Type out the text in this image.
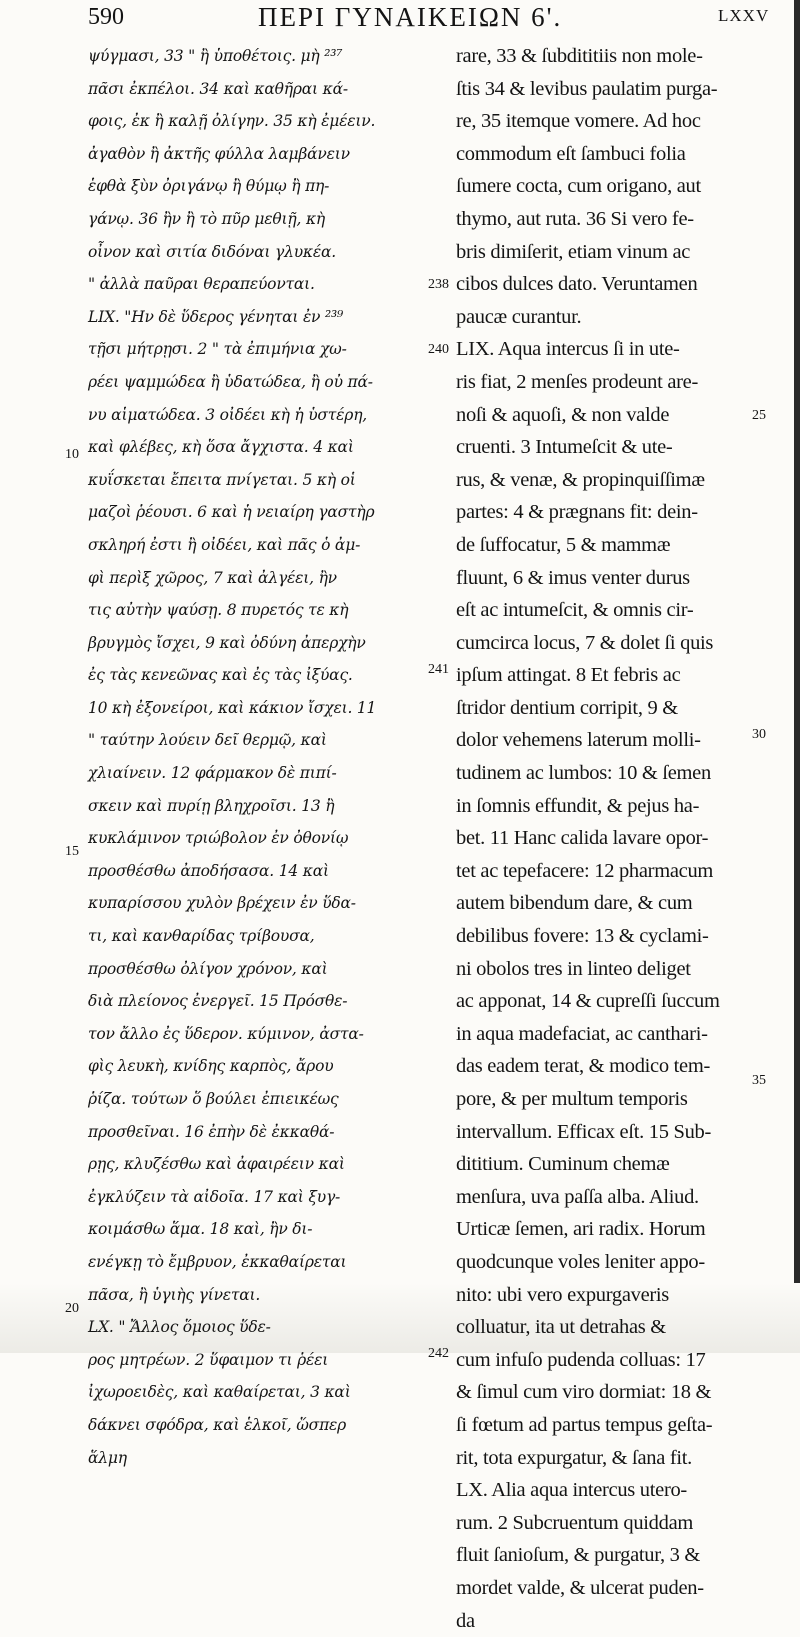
590	ΠΕΡΙ ΓΥΝΑΙΚΕΙΩΝ 6'.	LXXV
ψύγμασι, 33 " ἢ ὑποθέτοις. μὴ ²³⁷
πᾶσι ἐκπέλοι. 34 καὶ καθῆραι κά-
φοις, ἐκ ἢ καλῇ ὀλίγην. 35 κὴ ἐμέειν.
ἀγαθὸν ἢ ἀκτῆς φύλλα λαμβάνειν
ἑφθὰ ξὺν ὀριγάνῳ ἢ θύμῳ ἢ πη-
γάνῳ. 36 ἢν ἢ τὸ πῦρ μεθιῇ, κὴ
οἶνον καὶ σιτία διδόναι γλυκέα.
" ἀλλὰ παῦραι θεραπεύονται.
LIX. "Ην δὲ ὕδερος γένηται ἐν ²³⁹
τῇσι μήτρῃσι. 2 " τὰ ἐπιμήνια χω-
ρέει ψαμμώδεα ἢ ὑδατώδεα, ἢ οὐ πά-
νυ αἱματώδεα. 3 οἰδέει κὴ ἡ ὑστέρη,
καὶ φλέβες, κὴ ὅσα ἄγχιστα. 4 καὶ
κυΐσκεται ἔπειτα πνίγεται. 5 κὴ οἱ
μαζοὶ ῥέουσι. 6 καὶ ἡ νειαίρη γαστὴρ
σκληρή ἐστι ἢ οἰδέει, καὶ πᾶς ὁ ἀμ-
φὶ περὶξ χῶρος, 7 καὶ ἀλγέει, ἢν
τις αὐτὴν ψαύσῃ. 8 πυρετός τε κὴ
βρυγμὸς ἴσχει, 9 καὶ ὀδύνη ἀπερχὴν
ἐς τὰς κενεῶνας καὶ ἐς τὰς ἰξύας.
10 κὴ ἐξονείροι, καὶ κάκιον ἴσχει. 11
" ταύτην λούειν δεῖ θερμῷ, καὶ
χλιαίνειν. 12 φάρμακον δὲ πιπί-
σκειν καὶ πυρίῃ βληχροῖσι. 13 ἢ
κυκλάμινον τριώβολον ἐν ὀθονίῳ
προσθέσθω ἀποδήσασα. 14 καὶ
κυπαρίσσου χυλὸν βρέχειν ἐν ὕδα-
τι, καὶ κανθαρίδας τρίβουσα,
προσθέσθω ὀλίγον χρόνον, καὶ
διὰ πλείονος ἐνεργεῖ. 15 Πρόσθε-
τον ἄλλο ἐς ὕδερον. κύμινον, ἀστα-
φὶς λευκὴ, κνίδης καρπὸς, ἄρου
ῥίζα. τούτων ὅ βούλει ἐπιεικέως
προσθεῖναι. 16 ἐπὴν δὲ ἐκκαθά-
ρῃς, κλυζέσθω καὶ ἀφαιρέειν καὶ
ἐγκλύζειν τὰ αἰδοῖα. 17 καὶ ξυγ-
κοιμάσθω ἅμα. 18 καὶ, ἢν δι-
ενέγκῃ τὸ ἔμβρυον, ἐκκαθαίρεται
πᾶσα, ἢ ὑγιὴς γίνεται.
LX. " Ἄλλος ὅμοιος ὕδε-
ρος μητρέων. 2 ὕφαιμον τι ῥέει
ἰχωροειδὲς, καὶ καθαίρεται, 3 καὶ
δάκνει σφόδρα, καὶ ἑλκοῖ, ὥσπερ
ἅλμη
rare, 33 & ſubdititiis non mole-
ſtis 34 & levibus paulatim purga-
re, 35 itemque vomere. Ad hoc
commodum eſt ſambuci folia
ſumere cocta, cum origano, aut
thymo, aut ruta. 36 Si vero fe-
bris dimiſerit, etiam vinum ac
cibos dulces dato. Veruntamen
paucæ curantur.
LIX. Aqua intercus ſi in ute-
ris fiat, 2 menſes prodeunt are-
noſi & aquoſi, & non valde
cruenti. 3 Intumeſcit & ute-
rus, & venæ, & propinquiſſimæ
partes: 4 & prægnans fit: dein-
de ſuffocatur, 5 & mammæ
fluunt, 6 & imus venter durus
eſt ac intumeſcit, & omnis cir-
cumcirca locus, 7 & dolet ſi quis
ipſum attingat. 8 Et febris ac
ſtridor dentium corripit, 9 &
dolor vehemens laterum molli-
tudinem ac lumbos: 10 & ſemen
in ſomnis effundit, & pejus ha-
bet. 11 Hanc calida lavare opor-
tet ac tepefacere: 12 pharmacum
autem bibendum dare, & cum
debilibus fovere: 13 & cyclami-
ni obolos tres in linteo deliget
ac apponat, 14 & cupreſſi ſuccum
in aqua madefaciat, ac canthari-
das eadem terat, & modico tem-
pore, & per multum temporis
intervallum. Efficax eſt. 15 Sub-
dititium. Cuminum chemæ
menſura, uva paſſa alba. Aliud.
Urticæ ſemen, ari radix. Horum
quodcunque voles leniter appo-
nito: ubi vero expurgaveris
colluatur, ita ut detrahas &
cum infuſo pudenda colluas: 17
& ſimul cum viro dormiat: 18 &
ſi fœtum ad partus tempus geſta-
rit, tota expurgatur, & ſana fit.
LX. Alia aqua intercus utero-
rum. 2 Subcruentum quiddam
fluit ſanioſum, & purgatur, 3 &
mordet valde, & ulcerat puden-
da
10
15
20
238
240
241
242
25
30
35
